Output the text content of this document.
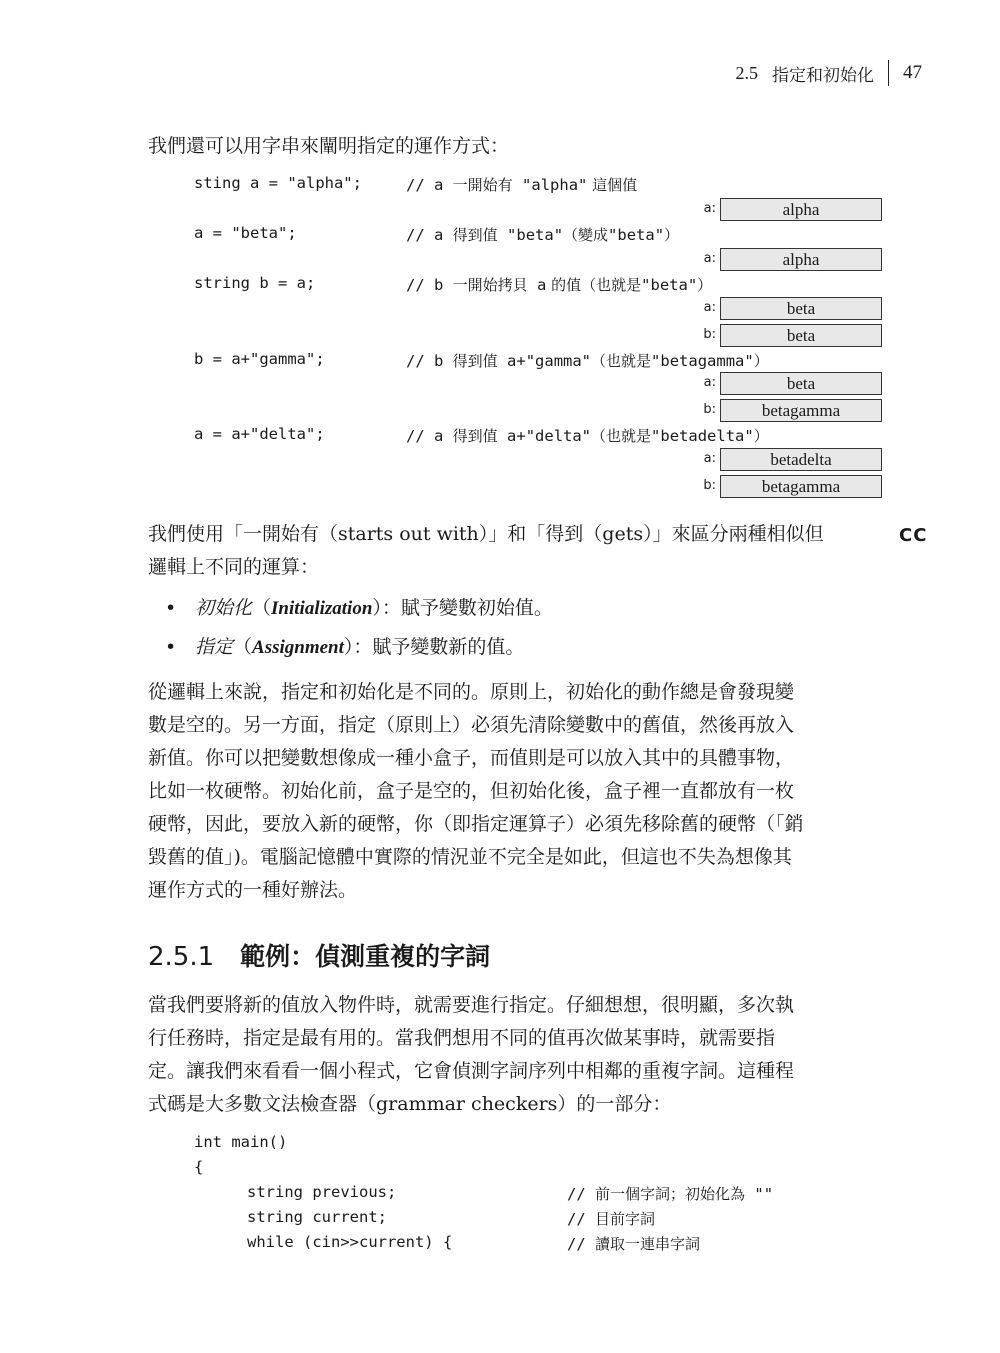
2.5 指定和初始化 47
我們還可以用字串來闡明指定的運作方式：
sting a = "alpha";	// a 一開始有 "alpha" 這個值
a = "beta";	// a 得到值 "beta"（變成"beta"）
string b = a;	// b 一開始拷貝 a 的值（也就是"beta"）
b = a+"gamma";	// b 得到值 a+"gamma"（也就是"betagamma"）
a = a+"delta";	// a 得到值 a+"delta"（也就是"betadelta"）
a:	alpha
a:	alpha
a:	beta
b:	beta
a:	beta
b:	betagamma
a:	betadelta
b:	betagamma
我們使用「一開始有（starts out with）」和「得到（gets）」來區分兩種相似但
邏輯上不同的運算：
CC
• 初始化（Initialization）：賦予變數初始值。
• 指定（Assignment）：賦予變數新的值。
從邏輯上來說，指定和初始化是不同的。原則上，初始化的動作總是會發現變
數是空的。另一方面，指定（原則上）必須先清除變數中的舊值，然後再放入
新值。你可以把變數想像成一種小盒子，而值則是可以放入其中的具體事物，
比如一枚硬幣。初始化前，盒子是空的，但初始化後，盒子裡一直都放有一枚
硬幣，因此，要放入新的硬幣，你（即指定運算子）必須先移除舊的硬幣（「銷
毀舊的值」)。電腦記憶體中實際的情況並不完全是如此，但這也不失為想像其
運作方式的一種好辦法。
2.5.1 範例：偵測重複的字詞
當我們要將新的值放入物件時，就需要進行指定。仔細想想，很明顯，多次執
行任務時，指定是最有用的。當我們想用不同的值再次做某事時，就需要指
定。讓我們來看看一個小程式，它會偵測字詞序列中相鄰的重複字詞。這種程
式碼是大多數文法檢查器（grammar checkers）的一部分：
int main()
{
string previous;	// 前一個字詞；初始化為 ""
string current;	// 目前字詞
while (cin>>current) {	// 讀取一連串字詞
